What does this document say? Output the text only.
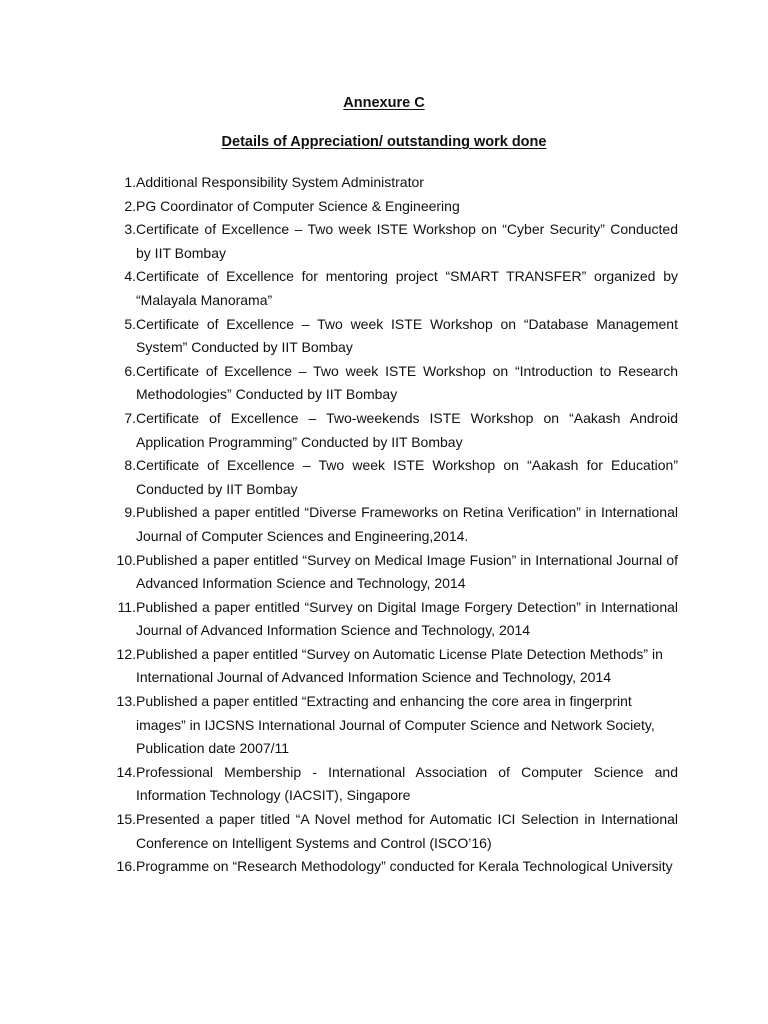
Annexure C
Details of Appreciation/ outstanding work done
1. Additional Responsibility System Administrator
2. PG Coordinator of Computer Science & Engineering
3. Certificate of Excellence – Two week ISTE Workshop on “Cyber Security” Conducted by IIT Bombay
4. Certificate of Excellence for mentoring project “SMART TRANSFER” organized by “Malayala Manorama”
5. Certificate of Excellence – Two week ISTE Workshop on “Database Management System” Conducted by IIT Bombay
6. Certificate of Excellence – Two week ISTE Workshop on “Introduction to Research Methodologies” Conducted by IIT Bombay
7. Certificate of Excellence – Two-weekends ISTE Workshop on “Aakash Android Application Programming” Conducted by IIT Bombay
8. Certificate of Excellence – Two week ISTE Workshop on “Aakash for Education” Conducted by IIT Bombay
9. Published a paper entitled “Diverse Frameworks on Retina Verification” in International Journal of Computer Sciences and Engineering,2014.
10. Published a paper entitled “Survey on Medical Image Fusion” in International Journal of Advanced Information Science and Technology, 2014
11. Published a paper entitled “Survey on Digital Image Forgery Detection” in International Journal of Advanced Information Science and Technology, 2014
12. Published a paper entitled “Survey on Automatic License Plate Detection Methods” in International Journal of Advanced Information Science and Technology, 2014
13. Published a paper entitled “Extracting and enhancing the core area in fingerprint images” in IJCSNS International Journal of Computer Science and Network Society, Publication date 2007/11
14. Professional Membership - International Association of Computer Science and Information Technology (IACSIT), Singapore
15. Presented a paper titled “A Novel method for Automatic ICI Selection in International Conference on Intelligent Systems and Control (ISCO’16)
16. Programme on “Research Methodology” conducted for Kerala Technological University
